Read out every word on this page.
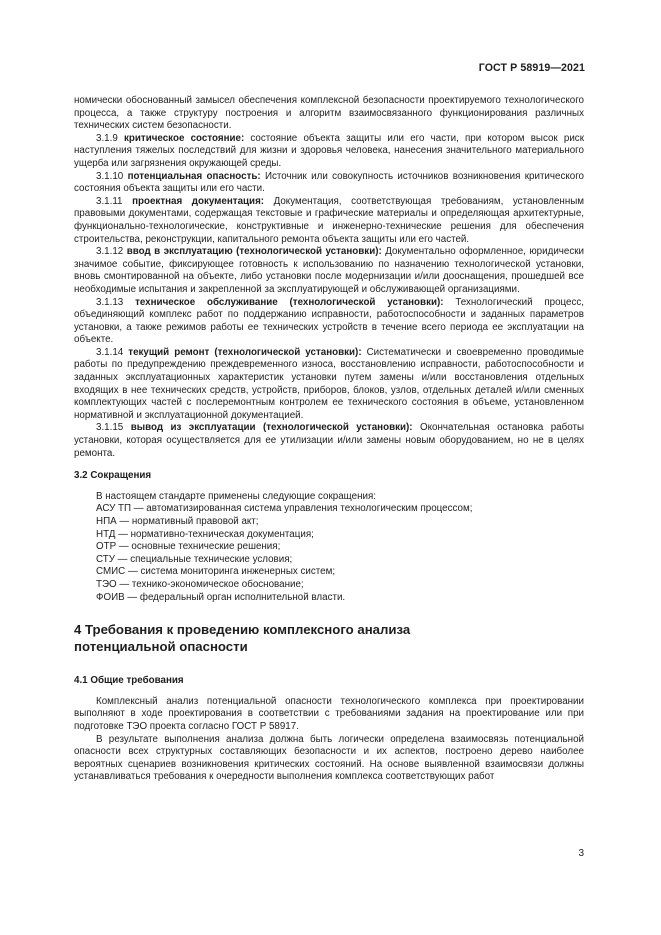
ГОСТ Р 58919—2021

номически обоснованный замысел обеспечения комплексной безопасности проектируемого технологического процесса, а также структуру построения и алгоритм взаимосвязанного функционирования различных технических систем безопасности.

3.1.9 критическое состояние: состояние объекта защиты или его части, при котором высок риск наступления тяжелых последствий для жизни и здоровья человека, нанесения значительного материального ущерба или загрязнения окружающей среды.

3.1.10 потенциальная опасность: Источник или совокупность источников возникновения критического состояния объекта защиты или его части.

3.1.11 проектная документация: Документация, соответствующая требованиям, установленным правовыми документами, содержащая текстовые и графические материалы и определяющая архитектурные, функционально-технологические, конструктивные и инженерно-технические решения для обеспечения строительства, реконструкции, капитального ремонта объекта защиты или его частей.

3.1.12 ввод в эксплуатацию (технологической установки): Документально оформленное, юридически значимое событие, фиксирующее готовность к использованию по назначению технологической установки, вновь смонтированной на объекте, либо установки после модернизации и/или дооснащения, прошедшей все необходимые испытания и закрепленной за эксплуатирующей и обслуживающей организациями.

3.1.13 техническое обслуживание (технологической установки): Технологический процесс, объединяющий комплекс работ по поддержанию исправности, работоспособности и заданных параметров установки, а также режимов работы ее технических устройств в течение всего периода ее эксплуатации на объекте.

3.1.14 текущий ремонт (технологической установки): Систематически и своевременно проводимые работы по предупреждению преждевременного износа, восстановлению исправности, работоспособности и заданных эксплуатационных характеристик установки путем замены и/или восстановления отдельных входящих в нее технических средств, устройств, приборов, блоков, узлов, отдельных деталей и/или сменных комплектующих частей с послеремонтным контролем ее технического состояния в объеме, установленном нормативной и эксплуатационной документацией.

3.1.15 вывод из эксплуатации (технологической установки): Окончательная остановка работы установки, которая осуществляется для ее утилизации и/или замены новым оборудованием, но не в целях ремонта.

3.2 Сокращения

В настоящем стандарте применены следующие сокращения:

АСУ ТП — автоматизированная система управления технологическим процессом;

НПА — нормативный правовой акт;

НТД — нормативно-техническая документация;

ОТР — основные технические решения;

СТУ — специальные технические условия;

СМИС — система мониторинга инженерных систем;

ТЭО — технико-экономическое обоснование;

ФОИВ — федеральный орган исполнительной власти.

4 Требования к проведению комплексного анализа
потенциальной опасности

4.1 Общие требования

Комплексный анализ потенциальной опасности технологического комплекса при проектировании выполняют в ходе проектирования в соответствии с требованиями задания на проектирование или при подготовке ТЭО проекта согласно ГОСТ Р 58917.

В результате выполнения анализа должна быть логически определена взаимосвязь потенциальной опасности всех структурных составляющих безопасности и их аспектов, построено дерево наиболее вероятных сценариев возникновения критических состояний. На основе выявленной взаимосвязи должны устанавливаться требования к очередности выполнения комплекса соответствующих работ

3
